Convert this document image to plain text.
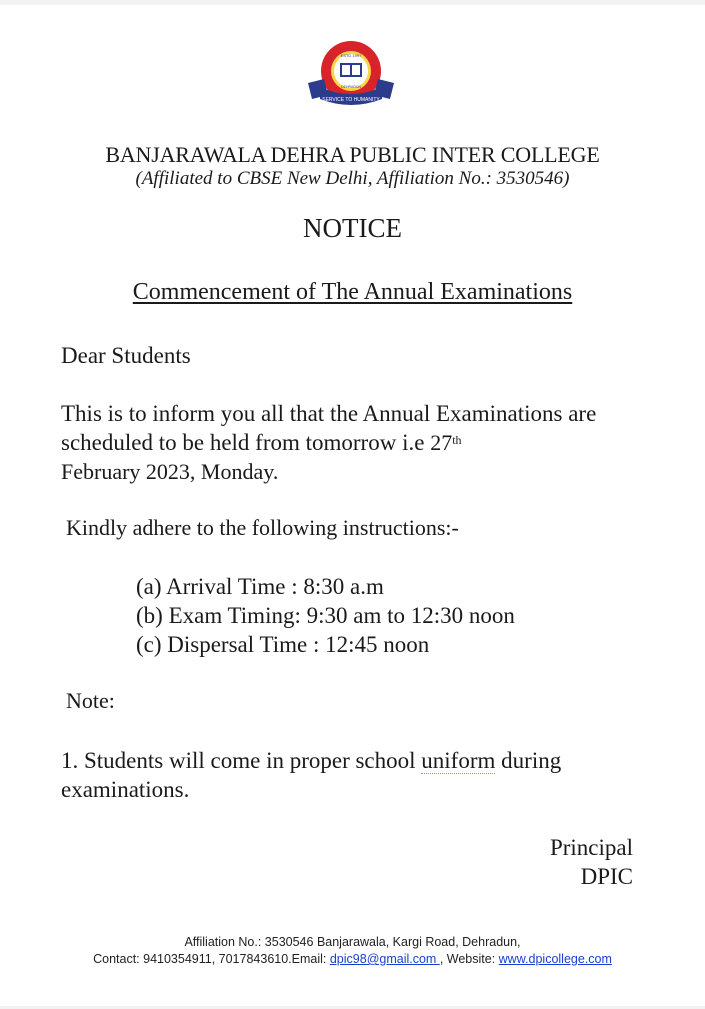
SERVICE TO HUMANITY
ESTD 1997
DEHRADUN
BANJARAWALA DEHRA PUBLIC INTER COLLEGE
(Affiliated to CBSE New Delhi, Affiliation No.: 3530546)
NOTICE
Commencement of The Annual Examinations
Dear Students
This is to inform you all that the Annual Examinations are scheduled to be held from tomorrow i.e 27th
February 2023, Monday.
Kindly adhere to the following instructions:-
(a) Arrival Time : 8:30 a.m
(b) Exam Timing: 9:30 am to 12:30 noon
(c) Dispersal Time : 12:45 noon
Note:
1. Students will come in proper school uniform during examinations.
Principal
DPIC
Affiliation No.: 3530546 Banjarawala, Kargi Road, Dehradun,
Contact: 9410354911, 7017843610.Email: dpic98@gmail.com , Website: www.dpicollege.com
